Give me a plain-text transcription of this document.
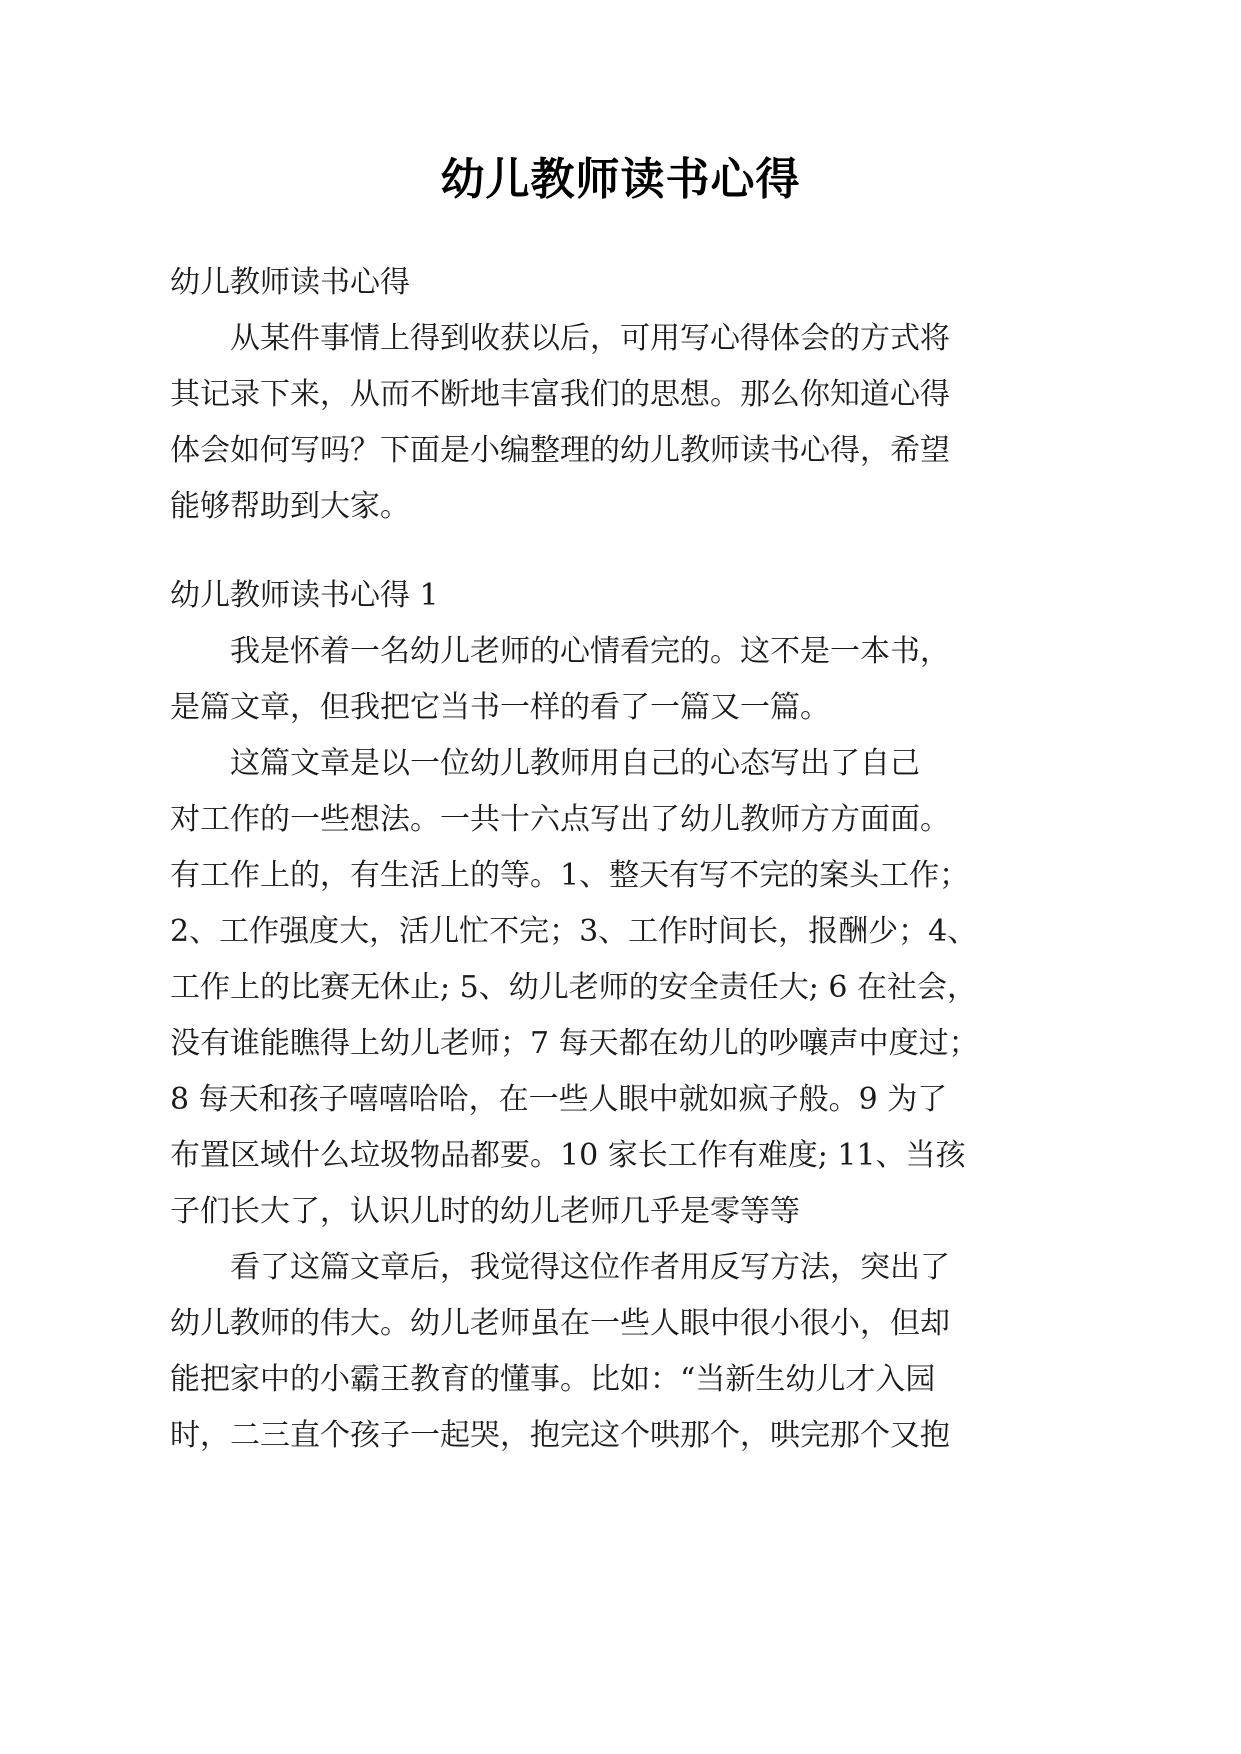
幼儿教师读书心得
幼儿教师读书心得
从某件事情上得到收获以后，可用写心得体会的方式将
其记录下来，从而不断地丰富我们的思想。那么你知道心得
体会如何写吗？下面是小编整理的幼儿教师读书心得，希望
能够帮助到大家。
幼儿教师读书心得 1
我是怀着一名幼儿老师的心情看完的。这不是一本书，
是篇文章，但我把它当书一样的看了一篇又一篇。
这篇文章是以一位幼儿教师用自己的心态写出了自己
对工作的一些想法。一共十六点写出了幼儿教师方方面面。
有工作上的，有生活上的等。1、整天有写不完的案头工作；
2、工作强度大，活儿忙不完；3、工作时间长，报酬少；4、
工作上的比赛无休止; 5、幼儿老师的安全责任大; 6 在社会，
没有谁能瞧得上幼儿老师；7 每天都在幼儿的吵嚷声中度过；
8 每天和孩子嘻嘻哈哈，在一些人眼中就如疯子般。9 为了
布置区域什么垃圾物品都要。10 家长工作有难度; 11、当孩
子们长大了，认识儿时的幼儿老师几乎是零等等
看了这篇文章后，我觉得这位作者用反写方法，突出了
幼儿教师的伟大。幼儿老师虽在一些人眼中很小很小，但却
能把家中的小霸王教育的懂事。比如：“当新生幼儿才入园
时，二三直个孩子一起哭，抱完这个哄那个，哄完那个又抱
